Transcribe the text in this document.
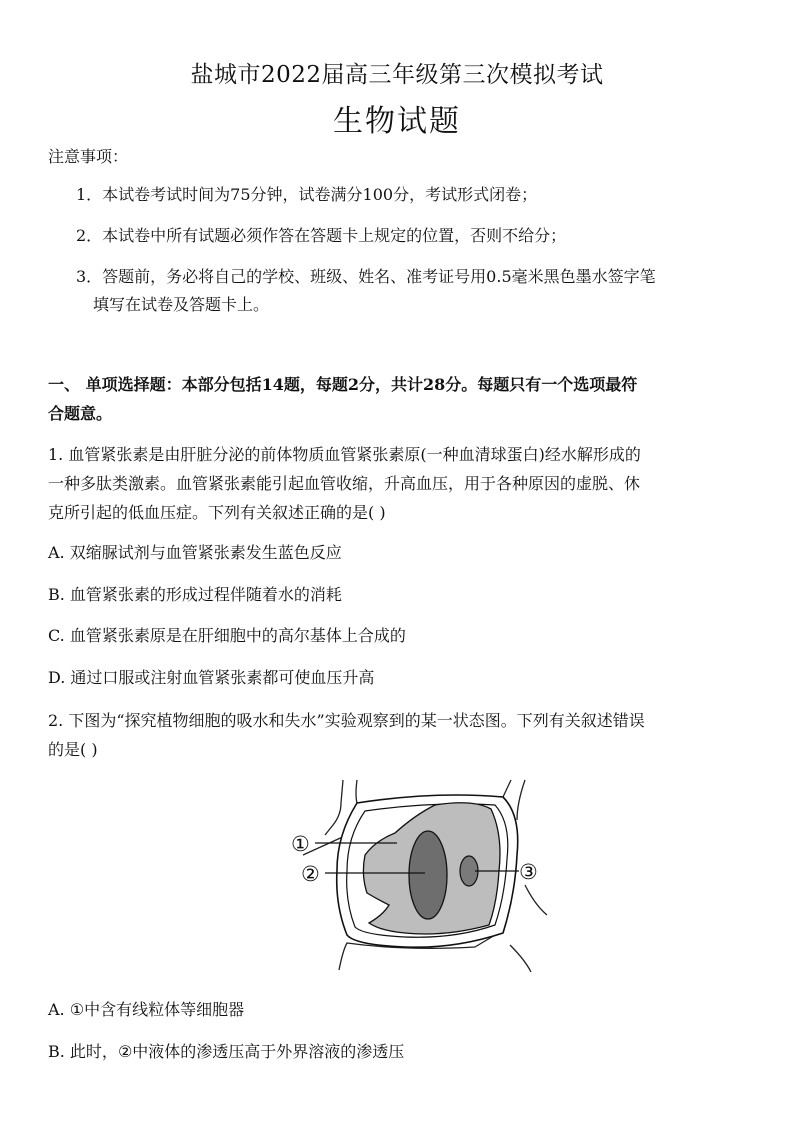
盐城市2022届高三年级第三次模拟考试
生物试题
注意事项：
1．本试卷考试时间为75分钟，试卷满分100分，考试形式闭卷；
2．本试卷中所有试题必须作答在答题卡上规定的位置，否则不给分；
3．答题前，务必将自己的学校、班级、姓名、准考证号用0.5毫米黑色墨水签字笔
填写在试卷及答题卡上。
一、 单项选择题：本部分包括14题，每题2分，共计28分。每题只有一个选项最符
合题意。
1. 血管紧张素是由肝脏分泌的前体物质血管紧张素原(一种血清球蛋白)经水解形成的
一种多肽类激素。血管紧张素能引起血管收缩，升高血压，用于各种原因的虚脱、休
克所引起的低血压症。下列有关叙述正确的是( )
A. 双缩脲试剂与血管紧张素发生蓝色反应
B. 血管紧张素的形成过程伴随着水的消耗
C. 血管紧张素原是在肝细胞中的高尔基体上合成的
D. 通过口服或注射血管紧张素都可使血压升高
2. 下图为“探究植物细胞的吸水和失水”实验观察到的某一状态图。下列有关叙述错误
的是( )
①
②	③
A. ①中含有线粒体等细胞器
B. 此时，②中液体的渗透压高于外界溶液的渗透压
